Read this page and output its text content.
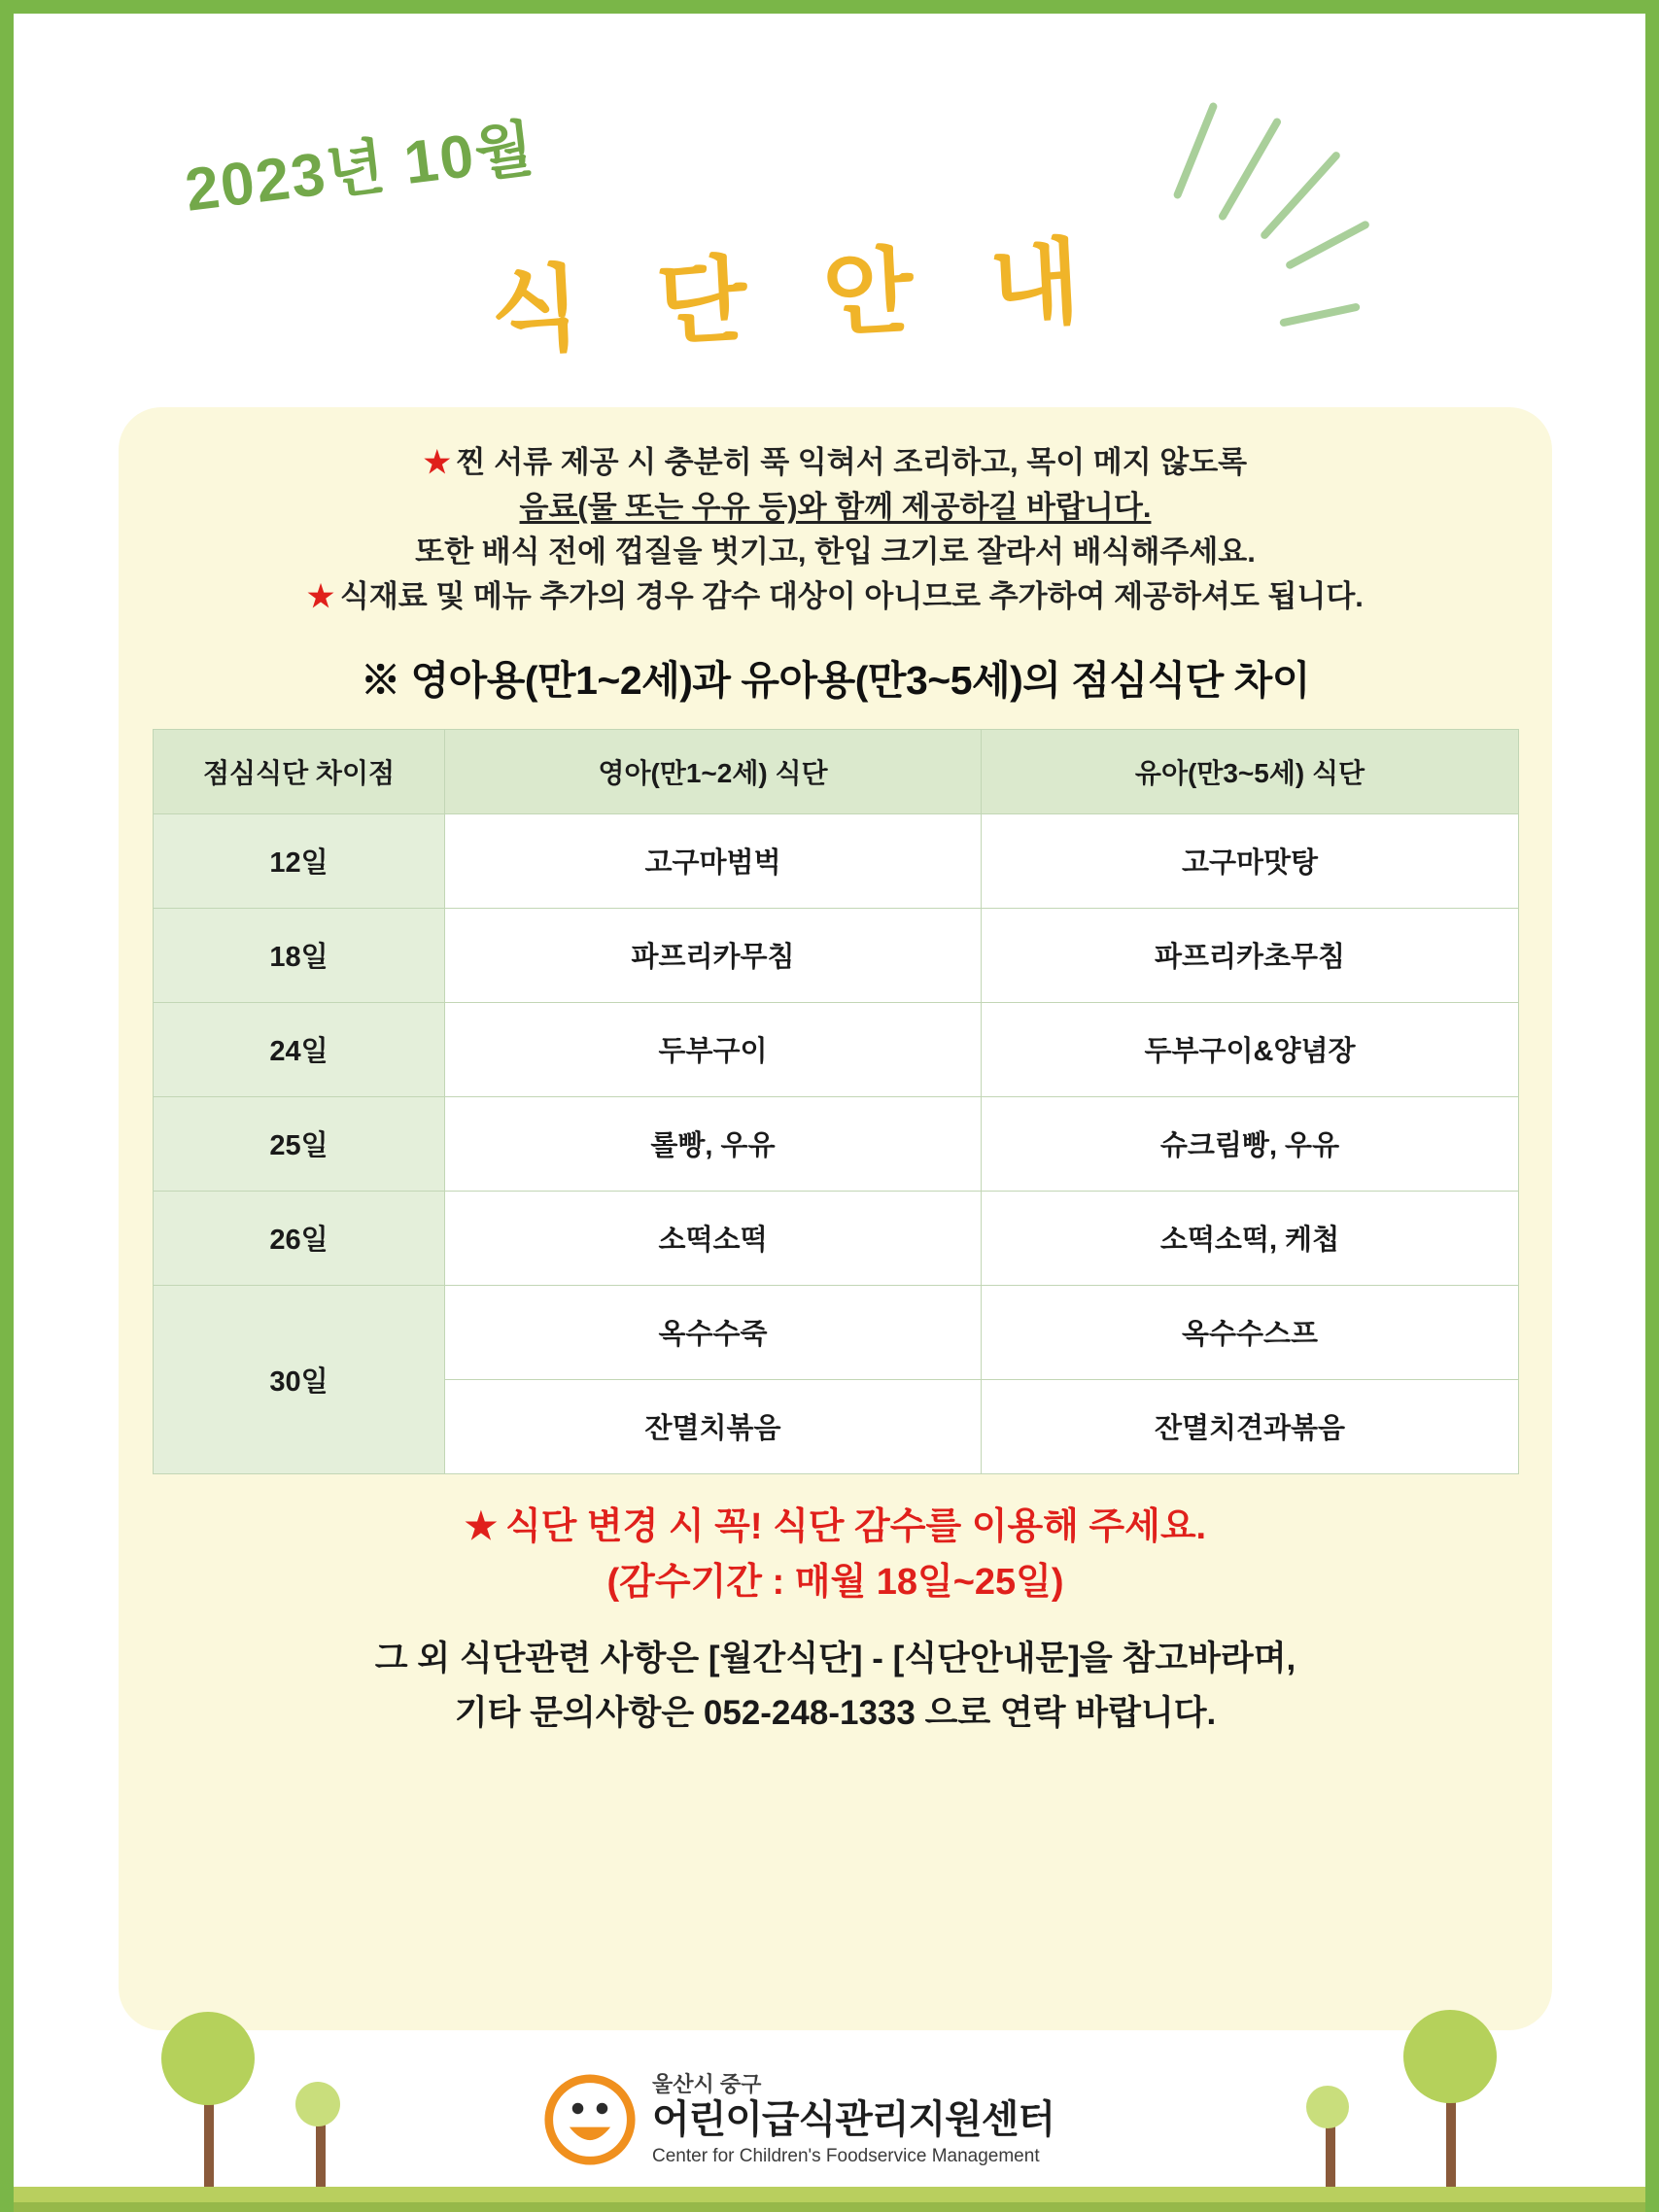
2023년 10월
식 단 안 내
★ 찐 서류 제공 시 충분히 푹 익혀서 조리하고, 목이 메지 않도록
음료(물 또는 우유 등)와 함께 제공하길 바랍니다.
또한 배식 전에 껍질을 벗기고, 한입 크기로 잘라서 배식해주세요.
★ 식재료 및 메뉴 추가의 경우 감수 대상이 아니므로 추가하여 제공하셔도 됩니다.
※ 영아용(만1~2세)과 유아용(만3~5세)의 점심식단 차이
점심식단 차이점	영아(만1~2세) 식단	유아(만3~5세) 식단
12일	고구마범벅	고구마맛탕
18일	파프리카무침	파프리카초무침
24일	두부구이	두부구이&양념장
25일	롤빵, 우유	슈크림빵, 우유
26일	소떡소떡	소떡소떡, 케첩
30일	옥수수죽	옥수수스프
	잔멸치볶음	잔멸치견과볶음
★ 식단 변경 시 꼭! 식단 감수를 이용해 주세요.
(감수기간 : 매월 18일~25일)
그 외 식단관련 사항은 [월간식단] - [식단안내문]을 참고바라며,
기타 문의사항은 052-248-1333 으로 연락 바랍니다.
울산시 중구
어린이급식관리지원센터
Center for Children's Foodservice Management
